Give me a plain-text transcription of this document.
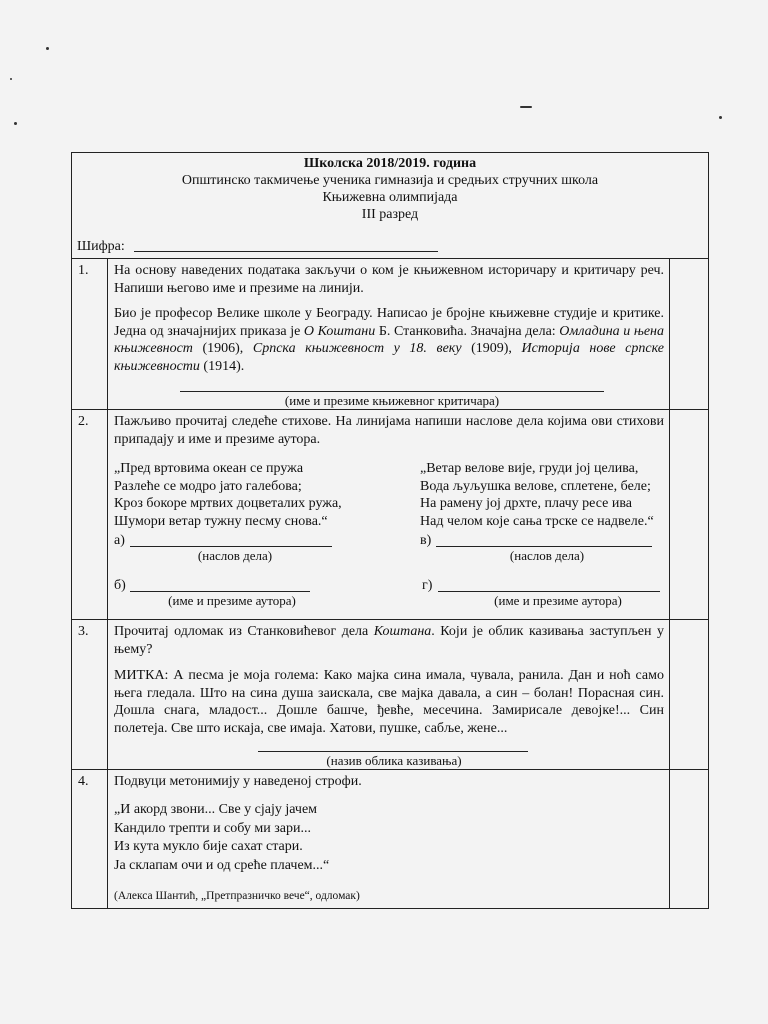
Школска 2018/2019. година
Општинско такмичење ученика гимназија и средњих стручних школа
Књижевна олимпијада
III разред
Шифра:
1. На основу наведених података закључи о ком је књижевном историчару и критичару реч. Напиши његово име и презиме на линији.
Био је професор Велике школе у Београду. Написао је бројне књижевне студије и критике. Једна од значајнијих приказа је О Коштани Б. Станковића. Значајна дела: Омладина и њена књижевност (1906), Српска књижевност у 18. веку (1909), Историја нове српске књижевности (1914).
(име и презиме књижевног критичара)
2. Пажљиво прочитај следеће стихове. На линијама напиши наслове дела којима ови стихови припадају и име и презиме аутора.
„Пред вртовима океан се пружа
Разлеће се модро јато галебова;
Кроз бокоре мртвих доцветалих ружа,
Шумори ветар тужну песму снова.“
„Ветар велове вије, груди јој целива,
Вода љуљушка велове, сплетене, беле;
На рамену јој дрхте, плачу ресе ива
Над челом које сања трске се надвеле.“
а)
(наслов дела)
в)
(наслов дела)
б)
(име и презиме аутора)
г)
(име и презиме аутора)
3. Прочитај одломак из Станковићевог дела Коштана. Који је облик казивања заступљен у њему?
МИТКА: А песма је моја голема: Како мајка сина имала, чувала, ранила. Дан и ноћ само њега гледала. Што на сина душа заискала, све мајка давала, а син – болан! Порасная син. Дошла снага, младост... Дошле башче, ђевће, месечина. Замирисале девојке!... Син полетеја. Све што искаја, све имаја. Хатови, пушке, сабље, жене...
(назив облика казивања)
4. Подвуци метонимију у наведеној строфи.
„И акорд звони... Све у сјају јачем
Кандило трепти и собу ми зари...
Из кута мукло бије сахат стари.
Ја склапам очи и од среће плачем...“
(Алекса Шантић, „Претпразничко вече“, одломак)
